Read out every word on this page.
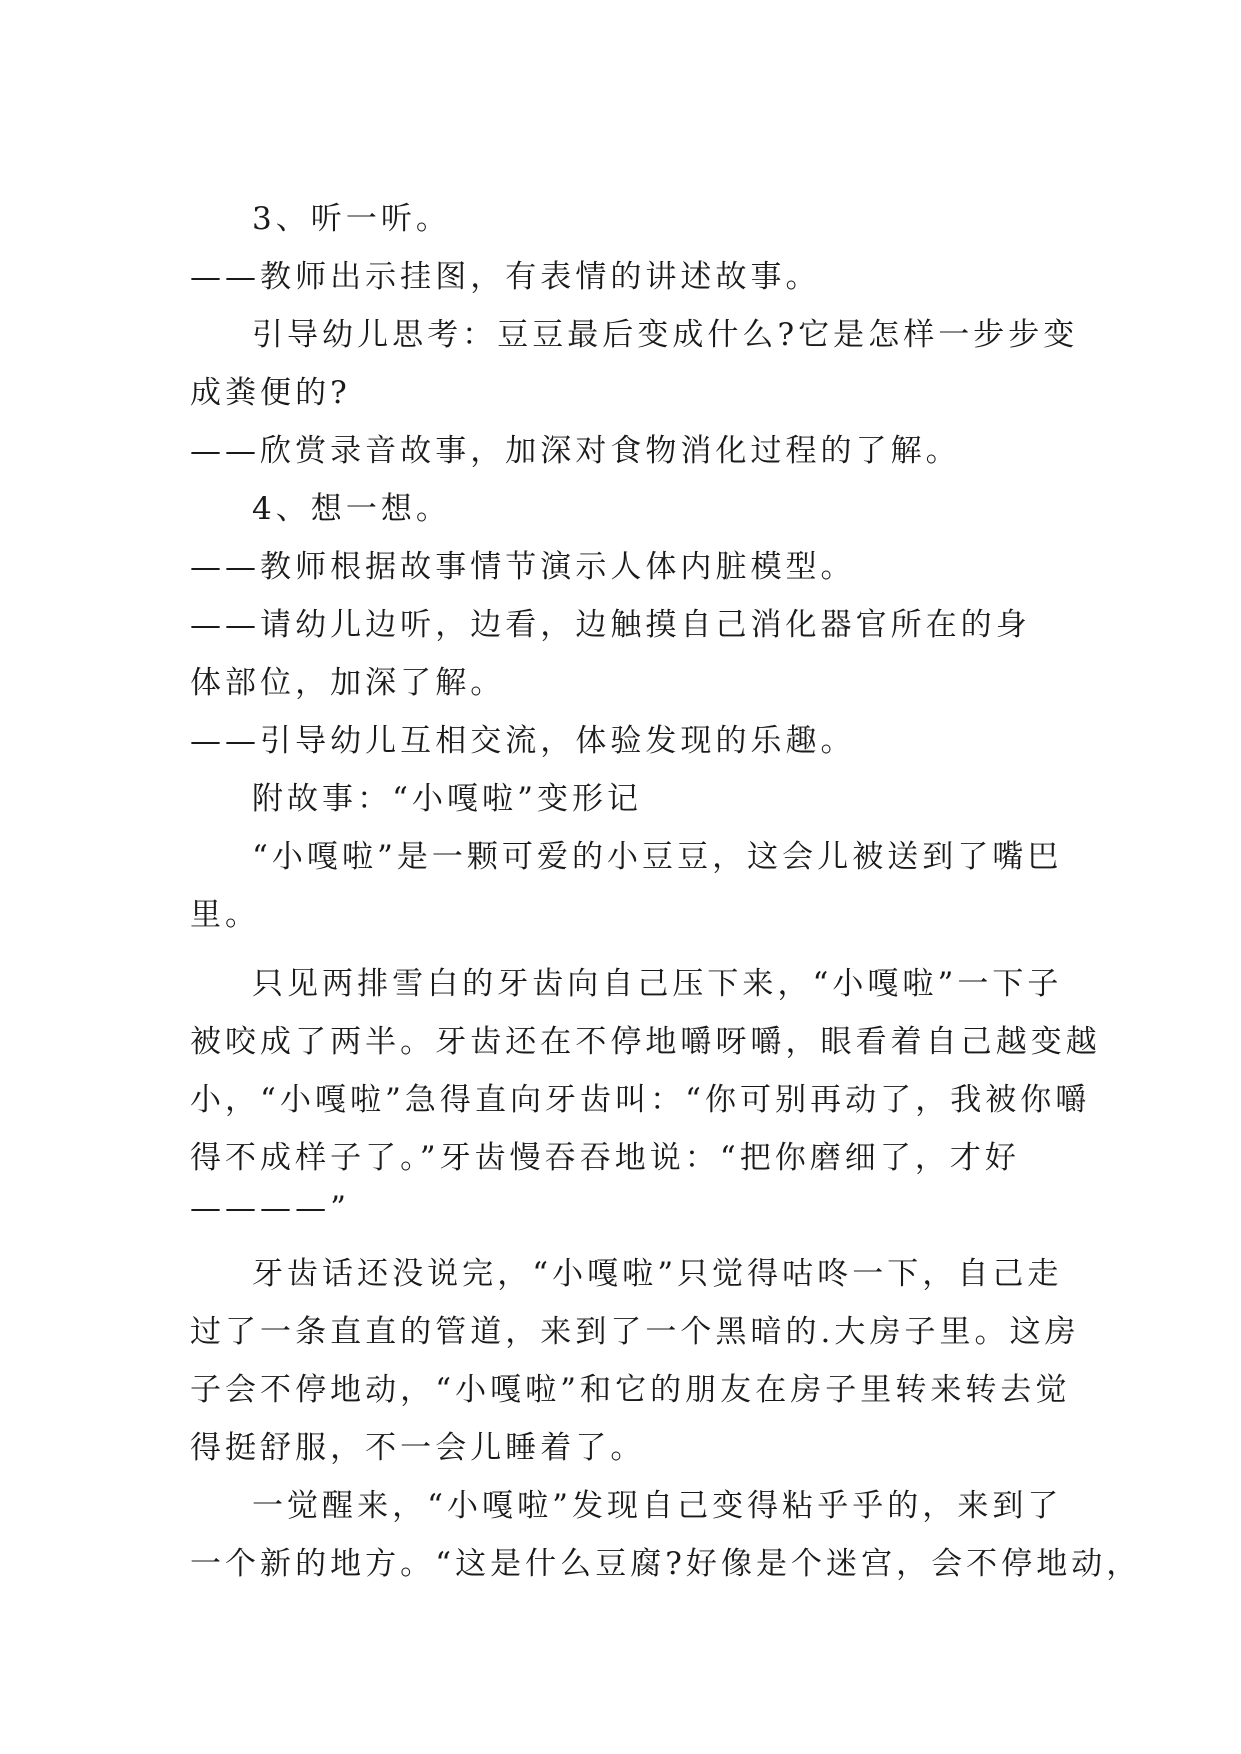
3、听一听。

——教师出示挂图，有表情的讲述故事。

引导幼儿思考：豆豆最后变成什么?它是怎样一步步变

成粪便的?

——欣赏录音故事，加深对食物消化过程的了解。

4、想一想。

——教师根据故事情节演示人体内脏模型。

——请幼儿边听，边看，边触摸自己消化器官所在的身

体部位，加深了解。

——引导幼儿互相交流，体验发现的乐趣。

附故事：“小嘎啦”变形记

“小嘎啦”是一颗可爱的小豆豆，这会儿被送到了嘴巴

里。

只见两排雪白的牙齿向自己压下来，“小嘎啦”一下子

被咬成了两半。牙齿还在不停地嚼呀嚼，眼看着自己越变越

小，“小嘎啦”急得直向牙齿叫：“你可别再动了，我被你嚼

得不成样子了。”牙齿慢吞吞地说：“把你磨细了，才好

————”

牙齿话还没说完，“小嘎啦”只觉得咕咚一下，自己走

过了一条直直的管道，来到了一个黑暗的.大房子里。这房

子会不停地动，“小嘎啦”和它的朋友在房子里转来转去觉

得挺舒服，不一会儿睡着了。

一觉醒来，“小嘎啦”发现自己变得粘乎乎的，来到了

一个新的地方。“这是什么豆腐?好像是个迷宫，会不停地动，
